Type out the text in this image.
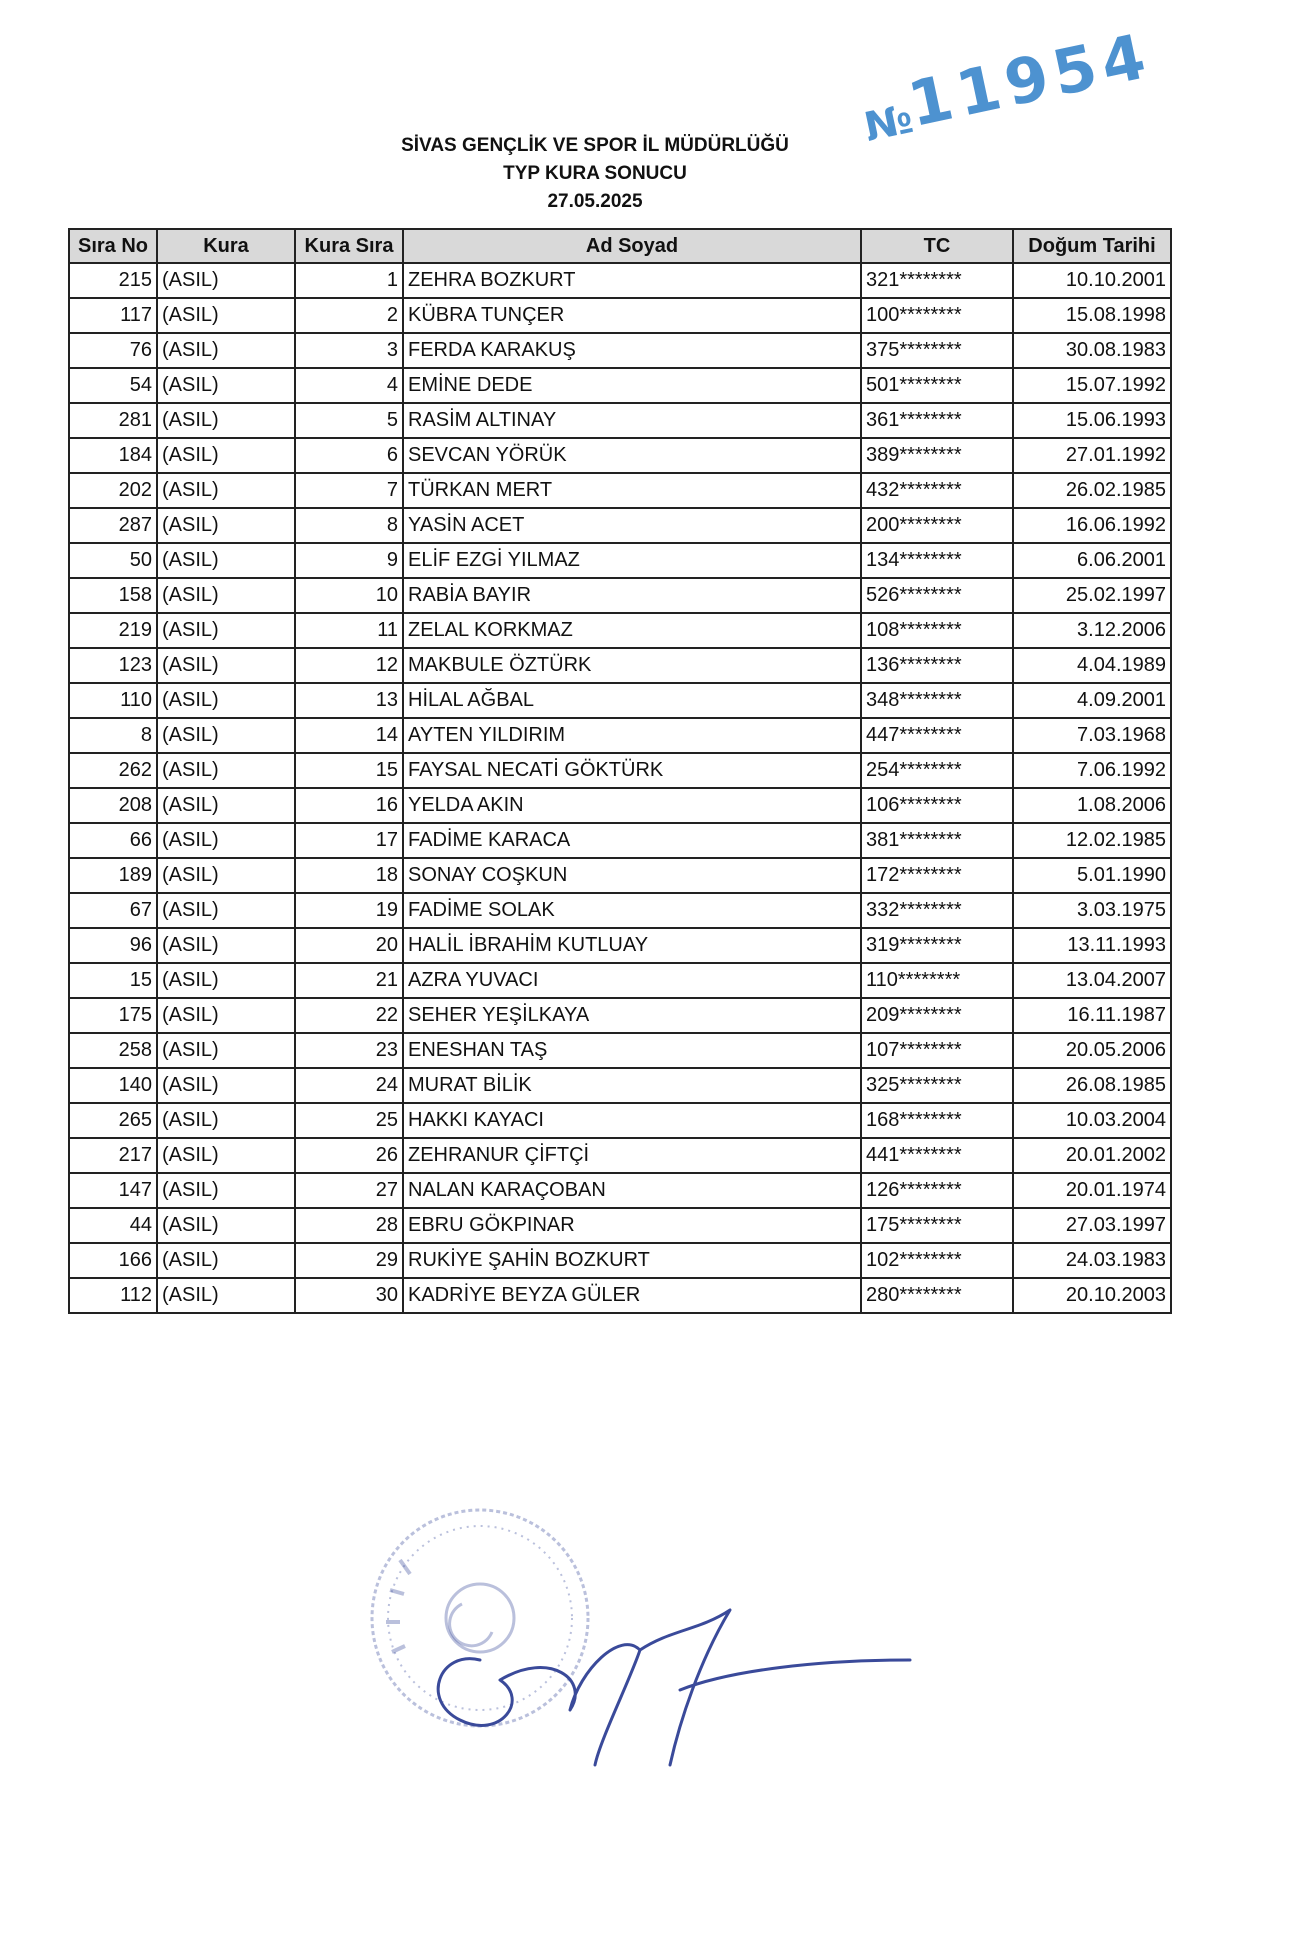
SİVAS GENÇLİK VE SPOR İL MÜDÜRLÜĞÜ
TYP KURA SONUCU
27.05.2025
№11954
Sıra No	Kura	Kura Sıra	Ad Soyad	TC	Doğum Tarihi
215	(ASIL)	1	ZEHRA BOZKURT	321********	10.10.2001
117	(ASIL)	2	KÜBRA TUNÇER	100********	15.08.1998
76	(ASIL)	3	FERDA KARAKUŞ	375********	30.08.1983
54	(ASIL)	4	EMİNE DEDE	501********	15.07.1992
281	(ASIL)	5	RASİM ALTINAY	361********	15.06.1993
184	(ASIL)	6	SEVCAN YÖRÜK	389********	27.01.1992
202	(ASIL)	7	TÜRKAN MERT	432********	26.02.1985
287	(ASIL)	8	YASİN ACET	200********	16.06.1992
50	(ASIL)	9	ELİF EZGİ YILMAZ	134********	6.06.2001
158	(ASIL)	10	RABİA BAYIR	526********	25.02.1997
219	(ASIL)	11	ZELAL KORKMAZ	108********	3.12.2006
123	(ASIL)	12	MAKBULE ÖZTÜRK	136********	4.04.1989
110	(ASIL)	13	HİLAL AĞBAL	348********	4.09.2001
8	(ASIL)	14	AYTEN YILDIRIM	447********	7.03.1968
262	(ASIL)	15	FAYSAL NECATİ GÖKTÜRK	254********	7.06.1992
208	(ASIL)	16	YELDA AKIN	106********	1.08.2006
66	(ASIL)	17	FADİME KARACA	381********	12.02.1985
189	(ASIL)	18	SONAY COŞKUN	172********	5.01.1990
67	(ASIL)	19	FADİME SOLAK	332********	3.03.1975
96	(ASIL)	20	HALİL İBRAHİM KUTLUAY	319********	13.11.1993
15	(ASIL)	21	AZRA YUVACI	110********	13.04.2007
175	(ASIL)	22	SEHER YEŞİLKAYA	209********	16.11.1987
258	(ASIL)	23	ENESHAN TAŞ	107********	20.05.2006
140	(ASIL)	24	MURAT BİLİK	325********	26.08.1985
265	(ASIL)	25	HAKKI KAYACI	168********	10.03.2004
217	(ASIL)	26	ZEHRANUR ÇİFTÇİ	441********	20.01.2002
147	(ASIL)	27	NALAN KARAÇOBAN	126********	20.01.1974
44	(ASIL)	28	EBRU GÖKPINAR	175********	27.03.1997
166	(ASIL)	29	RUKİYE ŞAHİN BOZKURT	102********	24.03.1983
112	(ASIL)	30	KADRİYE BEYZA GÜLER	280********	20.10.2003
